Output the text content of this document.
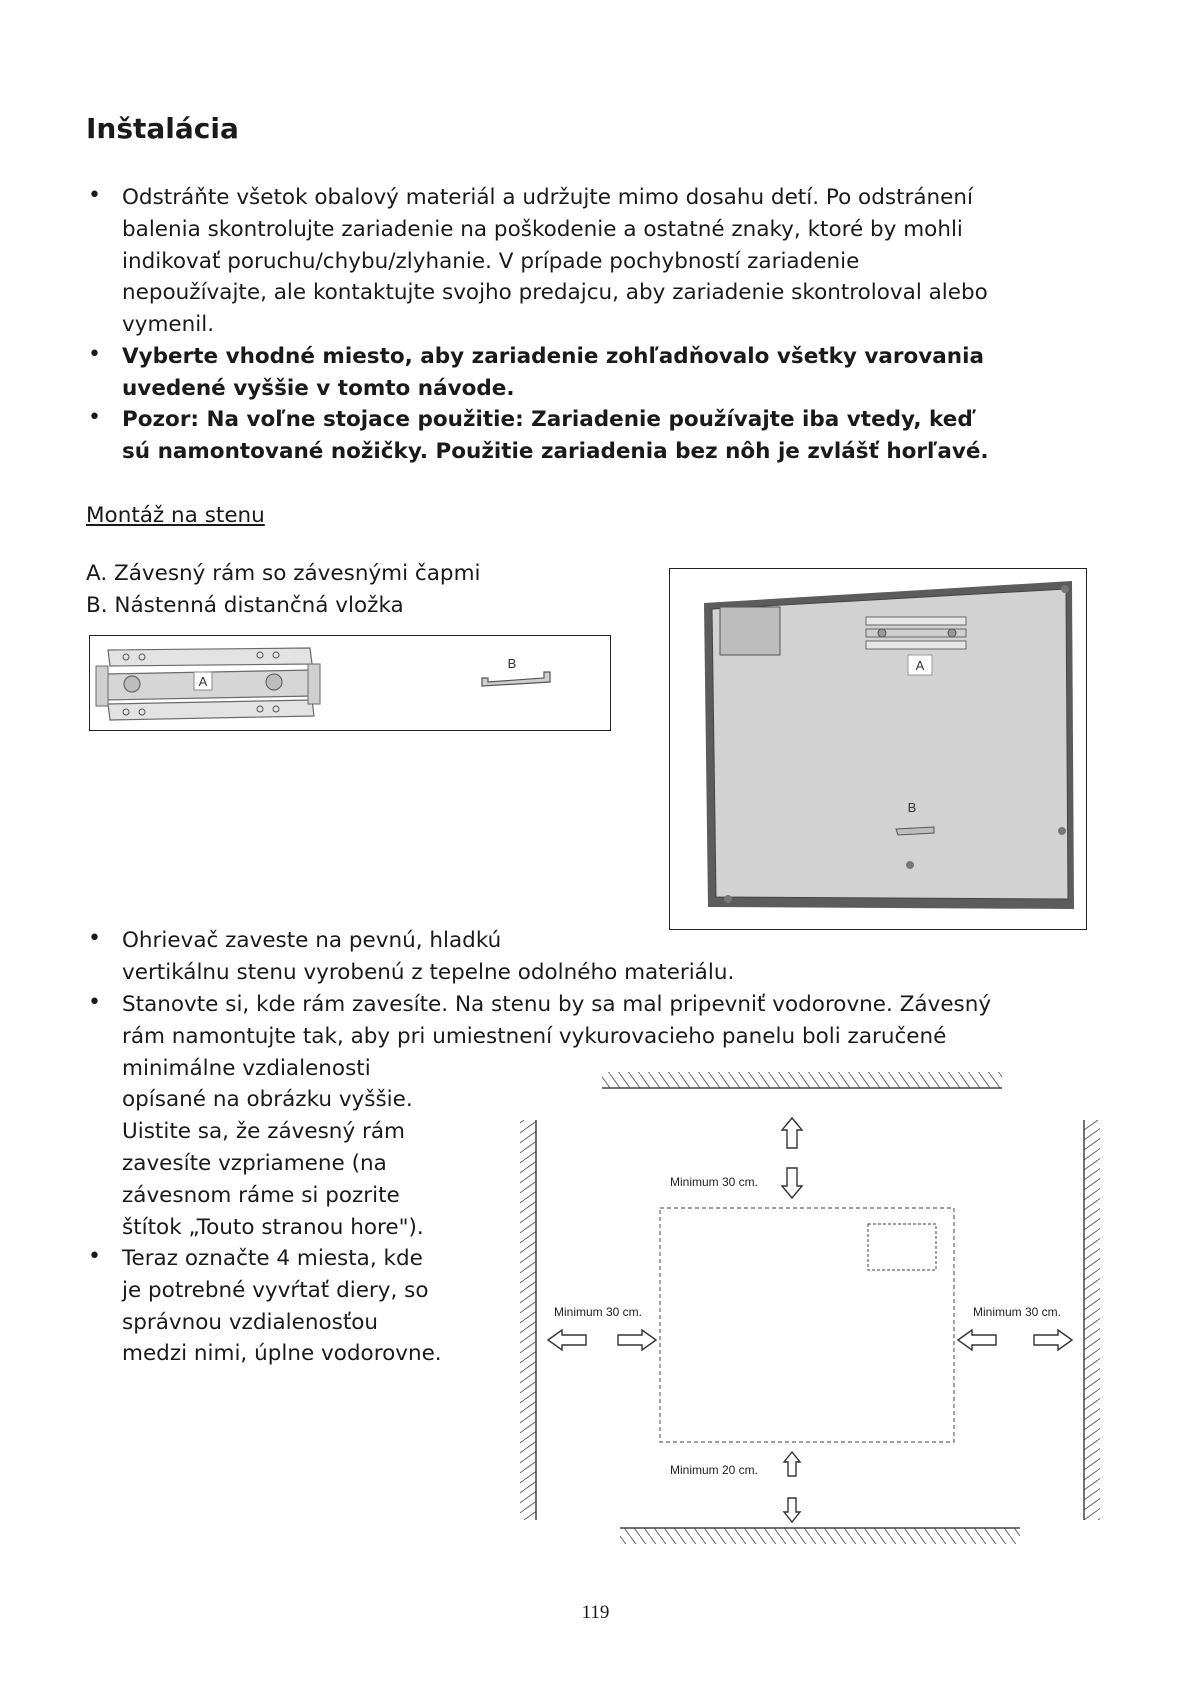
Inštalácia
• Odstráňte všetok obalový materiál a udržujte mimo dosahu detí. Po odstránení
balenia skontrolujte zariadenie na poškodenie a ostatné znaky, ktoré by mohli
indikovať poruchu/chybu/zlyhanie. V prípade pochybností zariadenie
nepoužívajte, ale kontaktujte svojho predajcu, aby zariadenie skontroloval alebo
vymenil.
• Vyberte vhodné miesto, aby zariadenie zohľadňovalo všetky varovania
uvedené vyššie v tomto návode.
• Pozor: Na voľne stojace použitie: Zariadenie používajte iba vtedy, keď
sú namontované nožičky. Použitie zariadenia bez nôh je zvlášť horľavé.
Montáž na stenu
A. Závesný rám so závesnými čapmi
B. Nástenná distančná vložka
A
B	A
B
• Ohrievač zaveste na pevnú, hladkú
vertikálnu stenu vyrobenú z tepelne odolného materiálu.
• Stanovte si, kde rám zavesíte. Na stenu by sa mal pripevniť vodorovne. Závesný
rám namontujte tak, aby pri umiestnení vykurovacieho panelu boli zaručené
minimálne vzdialenosti
opísané na obrázku vyššie.
Uistite sa, že závesný rám
zavesíte vzpriamene (na
závesnom ráme si pozrite
štítok „Touto stranou hore").
• Teraz označte 4 miesta, kde
je potrebné vyvŕtať diery, so
správnou vzdialenosťou
medzi nimi, úplne vodorovne.
Minimum 30 cm.
Minimum 30 cm.	Minimum 30 cm.
Minimum 20 cm.
119
